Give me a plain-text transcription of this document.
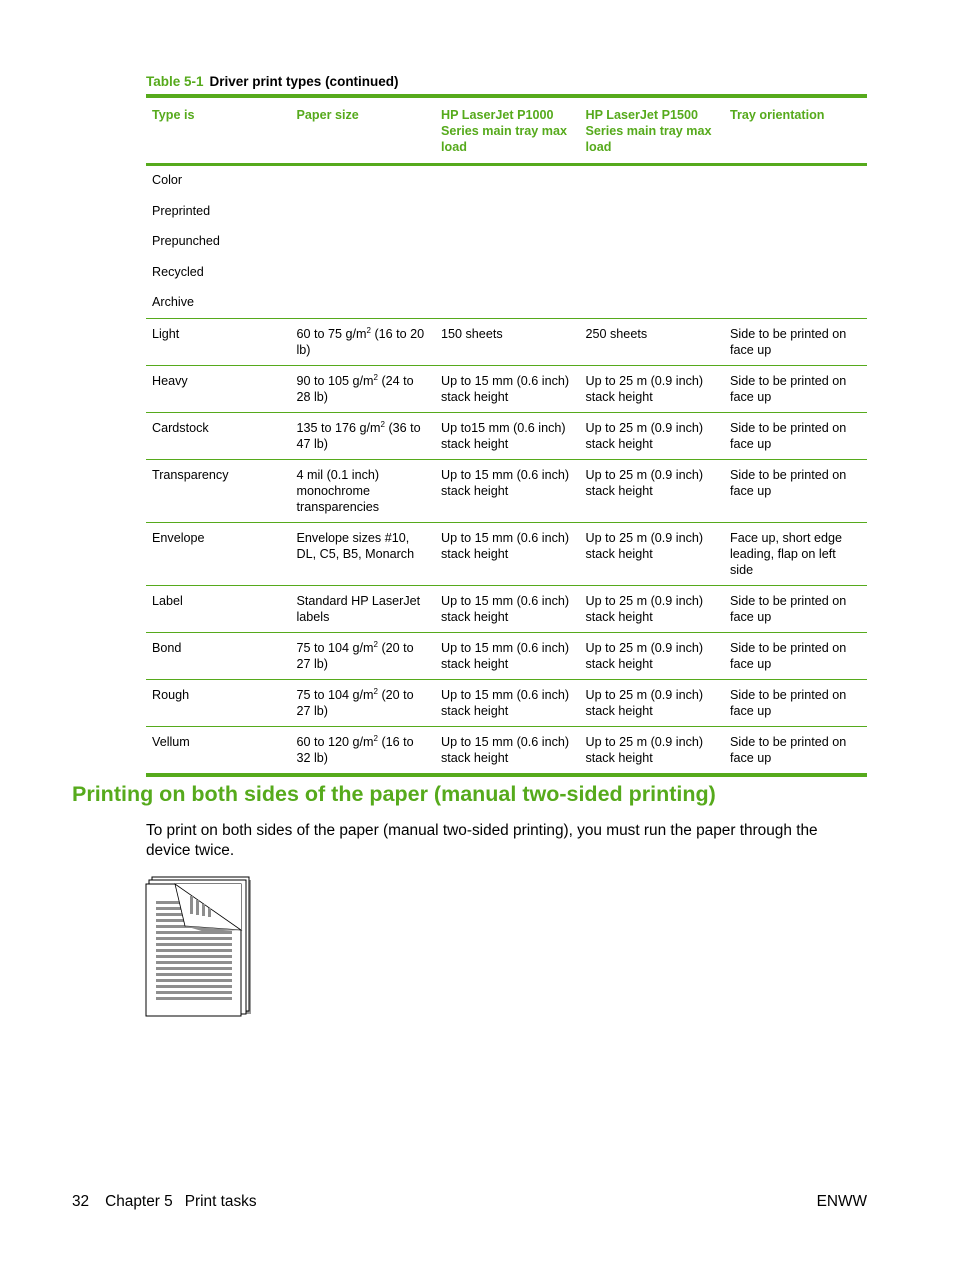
Table 5-1 Driver print types (continued)
Type is	Paper size	HP LaserJet P1000 Series main tray max load	HP LaserJet P1500 Series main tray max load	Tray orientation

Color
Preprinted
Prepunched
Recycled
Archive				

Light	60 to 75 $g/m^2$ (16 to 20 lb)	150 sheets	250 sheets	Side to be printed on face up
Heavy	90 to 105 $g/m^2$ (24 to 28 lb)	Up to 15 mm (0.6 inch) stack height	Up to 25 m (0.9 inch) stack height	Side to be printed on face up
Cardstock	135 to 176 $g/m^2$ (36 to 47 lb)	Up to15 mm (0.6 inch) stack height	Up to 25 m (0.9 inch) stack height	Side to be printed on face up
Transparency	4 mil (0.1 inch) monochrome transparencies	Up to 15 mm (0.6 inch) stack height	Up to 25 m (0.9 inch) stack height	Side to be printed on face up
Envelope	Envelope sizes #10, DL, C5, B5, Monarch	Up to 15 mm (0.6 inch) stack height	Up to 25 m (0.9 inch) stack height	Face up, short edge leading, flap on left side
Label	Standard HP LaserJet labels	Up to 15 mm (0.6 inch) stack height	Up to 25 m (0.9 inch) stack height	Side to be printed on face up
Bond	75 to 104 $g/m^2$ (20 to 27 lb)	Up to 15 mm (0.6 inch) stack height	Up to 25 m (0.9 inch) stack height	Side to be printed on face up
Rough	75 to 104 $g/m^2$ (20 to 27 lb)	Up to 15 mm (0.6 inch) stack height	Up to 25 m (0.9 inch) stack height	Side to be printed on face up
Vellum	60 to 120 $g/m^2$ (16 to 32 lb)	Up to 15 mm (0.6 inch) stack height	Up to 25 m (0.9 inch) stack height	Side to be printed on face up
Printing on both sides of the paper (manual two-sided printing)
To print on both sides of the paper (manual two-sided printing), you must run the paper through the device twice.
32 Chapter 5 Print tasks	ENWW
